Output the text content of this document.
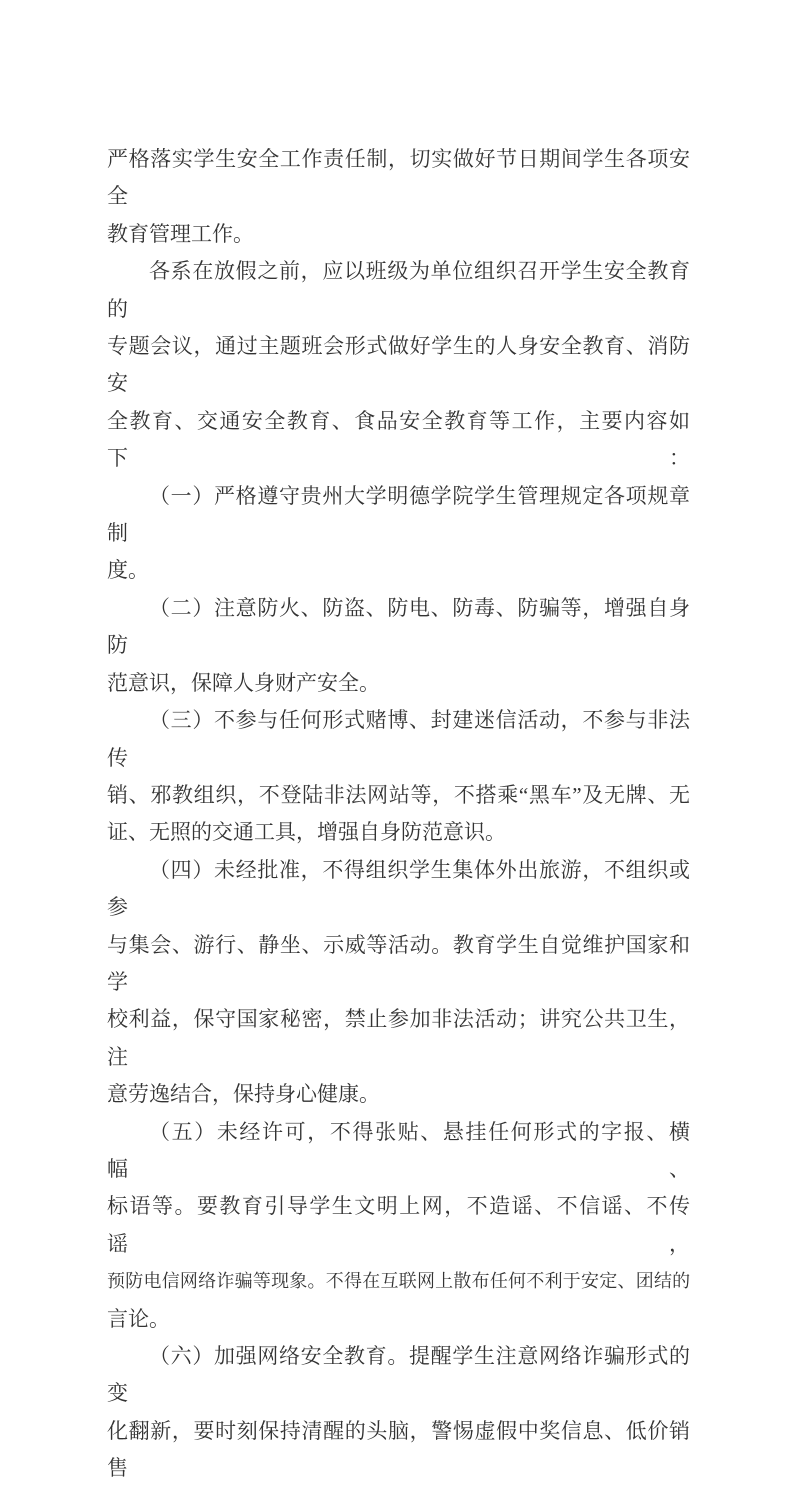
严格落实学生安全工作责任制，切实做好节日期间学生各项安全
教育管理工作。
各系在放假之前，应以班级为单位组织召开学生安全教育的
专题会议，通过主题班会形式做好学生的人身安全教育、消防安
全教育、交通安全教育、食品安全教育等工作，主要内容如下：
（一）严格遵守贵州大学明德学院学生管理规定各项规章制
度。
（二）注意防火、防盗、防电、防毒、防骗等，增强自身防
范意识，保障人身财产安全。
（三）不参与任何形式赌博、封建迷信活动，不参与非法传
销、邪教组织，不登陆非法网站等，不搭乘“黑车”及无牌、无
证、无照的交通工具，增强自身防范意识。
（四）未经批准，不得组织学生集体外出旅游，不组织或参
与集会、游行、静坐、示威等活动。教育学生自觉维护国家和学
校利益，保守国家秘密，禁止参加非法活动；讲究公共卫生，注
意劳逸结合，保持身心健康。
（五）未经许可，不得张贴、悬挂任何形式的字报、横幅、
标语等。要教育引导学生文明上网，不造谣、不信谣、不传谣，
预防电信网络诈骗等现象。不得在互联网上散布任何不利于安定、团结的
言论。
（六）加强网络安全教育。提醒学生注意网络诈骗形式的变
化翻新，要时刻保持清醒的头脑，警惕虚假中奖信息、低价销售
